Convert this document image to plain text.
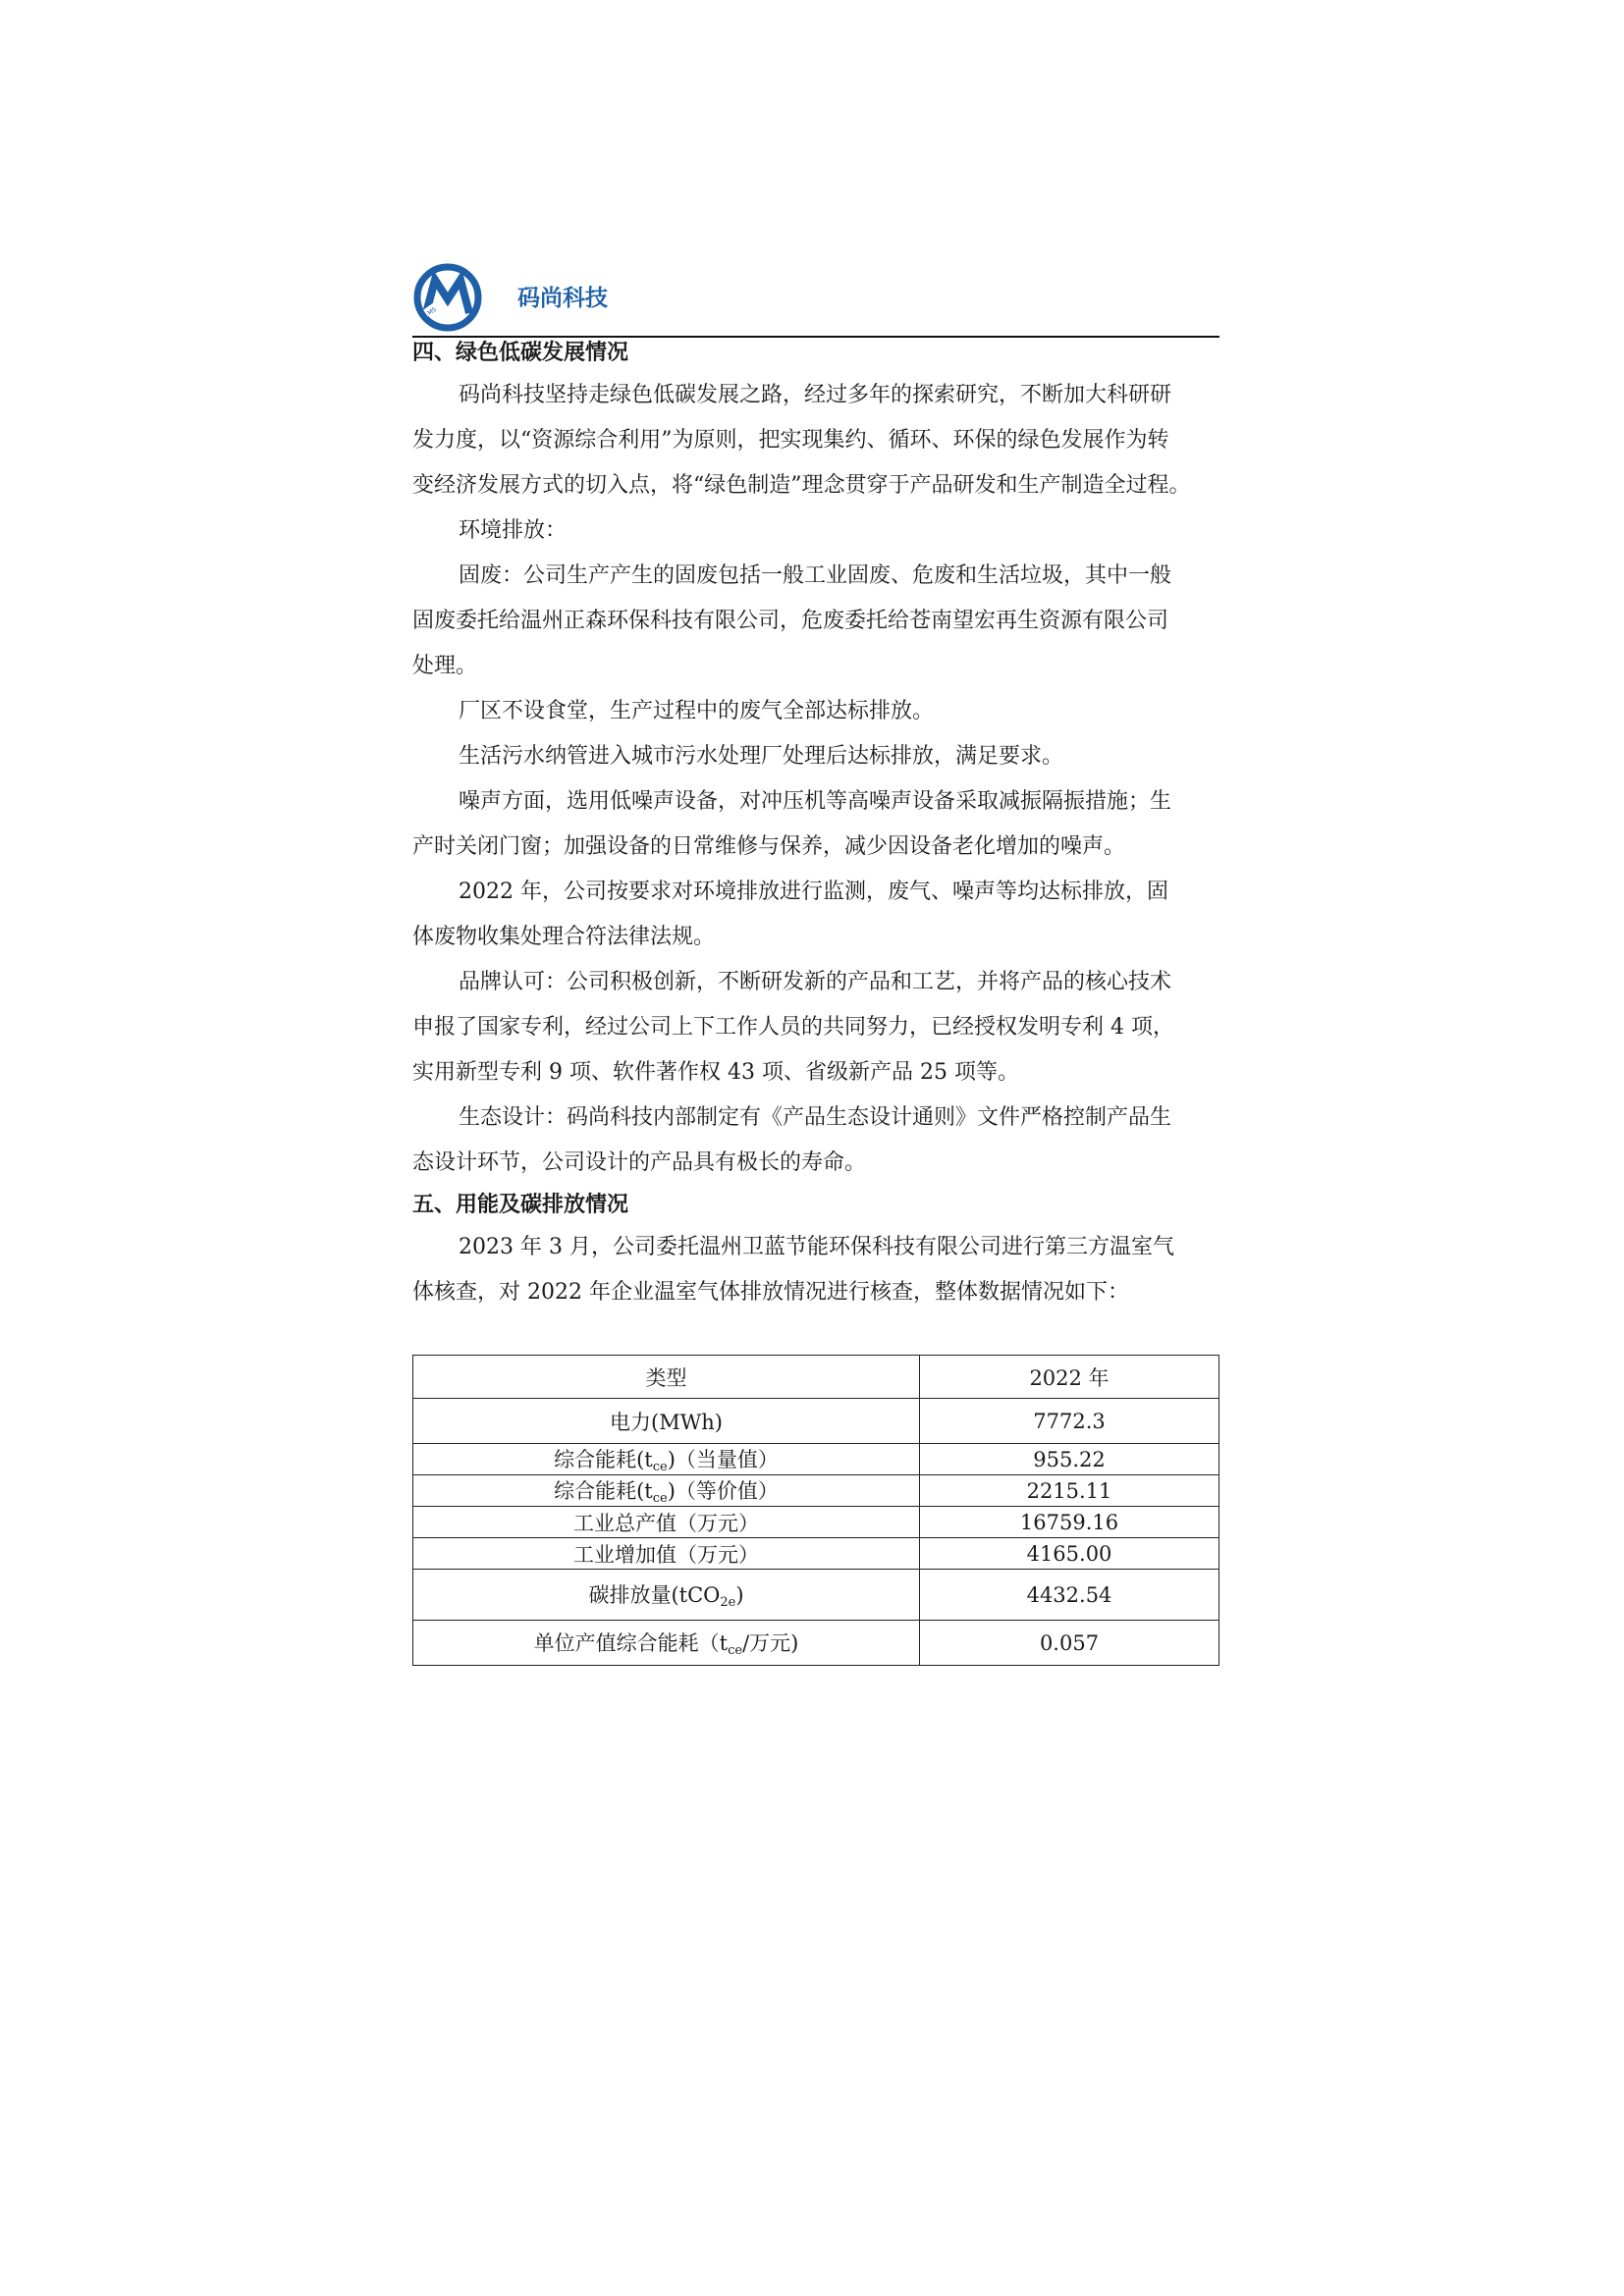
MS
码尚科技
四、绿色低碳发展情况

码尚科技坚持走绿色低碳发展之路，经过多年的探索研究，不断加大科研研
发力度，以“资源综合利用”为原则，把实现集约、循环、环保的绿色发展作为转
变经济发展方式的切入点，将“绿色制造”理念贯穿于产品研发和生产制造全过程。

环境排放：

固废：公司生产产生的固废包括一般工业固废、危废和生活垃圾，其中一般
固废委托给温州正森环保科技有限公司，危废委托给苍南望宏再生资源有限公司
处理。

厂区不设食堂，生产过程中的废气全部达标排放。

生活污水纳管进入城市污水处理厂处理后达标排放，满足要求。

噪声方面，选用低噪声设备，对冲压机等高噪声设备采取减振隔振措施；生
产时关闭门窗；加强设备的日常维修与保养，减少因设备老化增加的噪声。

2022 年，公司按要求对环境排放进行监测，废气、噪声等均达标排放，固
体废物收集处理合符法律法规。

品牌认可：公司积极创新，不断研发新的产品和工艺，并将产品的核心技术
申报了国家专利，经过公司上下工作人员的共同努力，已经授权发明专利 4 项，
实用新型专利 9 项、软件著作权 43 项、省级新产品 25 项等。

生态设计：码尚科技内部制定有《产品生态设计通则》文件严格控制产品生
态设计环节，公司设计的产品具有极长的寿命。

五、用能及碳排放情况

2023 年 3 月，公司委托温州卫蓝节能环保科技有限公司进行第三方温室气
体核查，对 2022 年企业温室气体排放情况进行核查，整体数据情况如下：

类型	2022 年
电力(MWh)	7772.3
综合能耗$(t_{ce})$（当量值）	955.22
综合能耗$(t_{ce})$（等价值）	2215.11
工业总产值（万元）	16759.16
工业增加值（万元）	4165.00
碳排放量(tCO$_{2e}$)	4432.54
单位产值综合能耗（$t_{ce}/$万元)	0.057
